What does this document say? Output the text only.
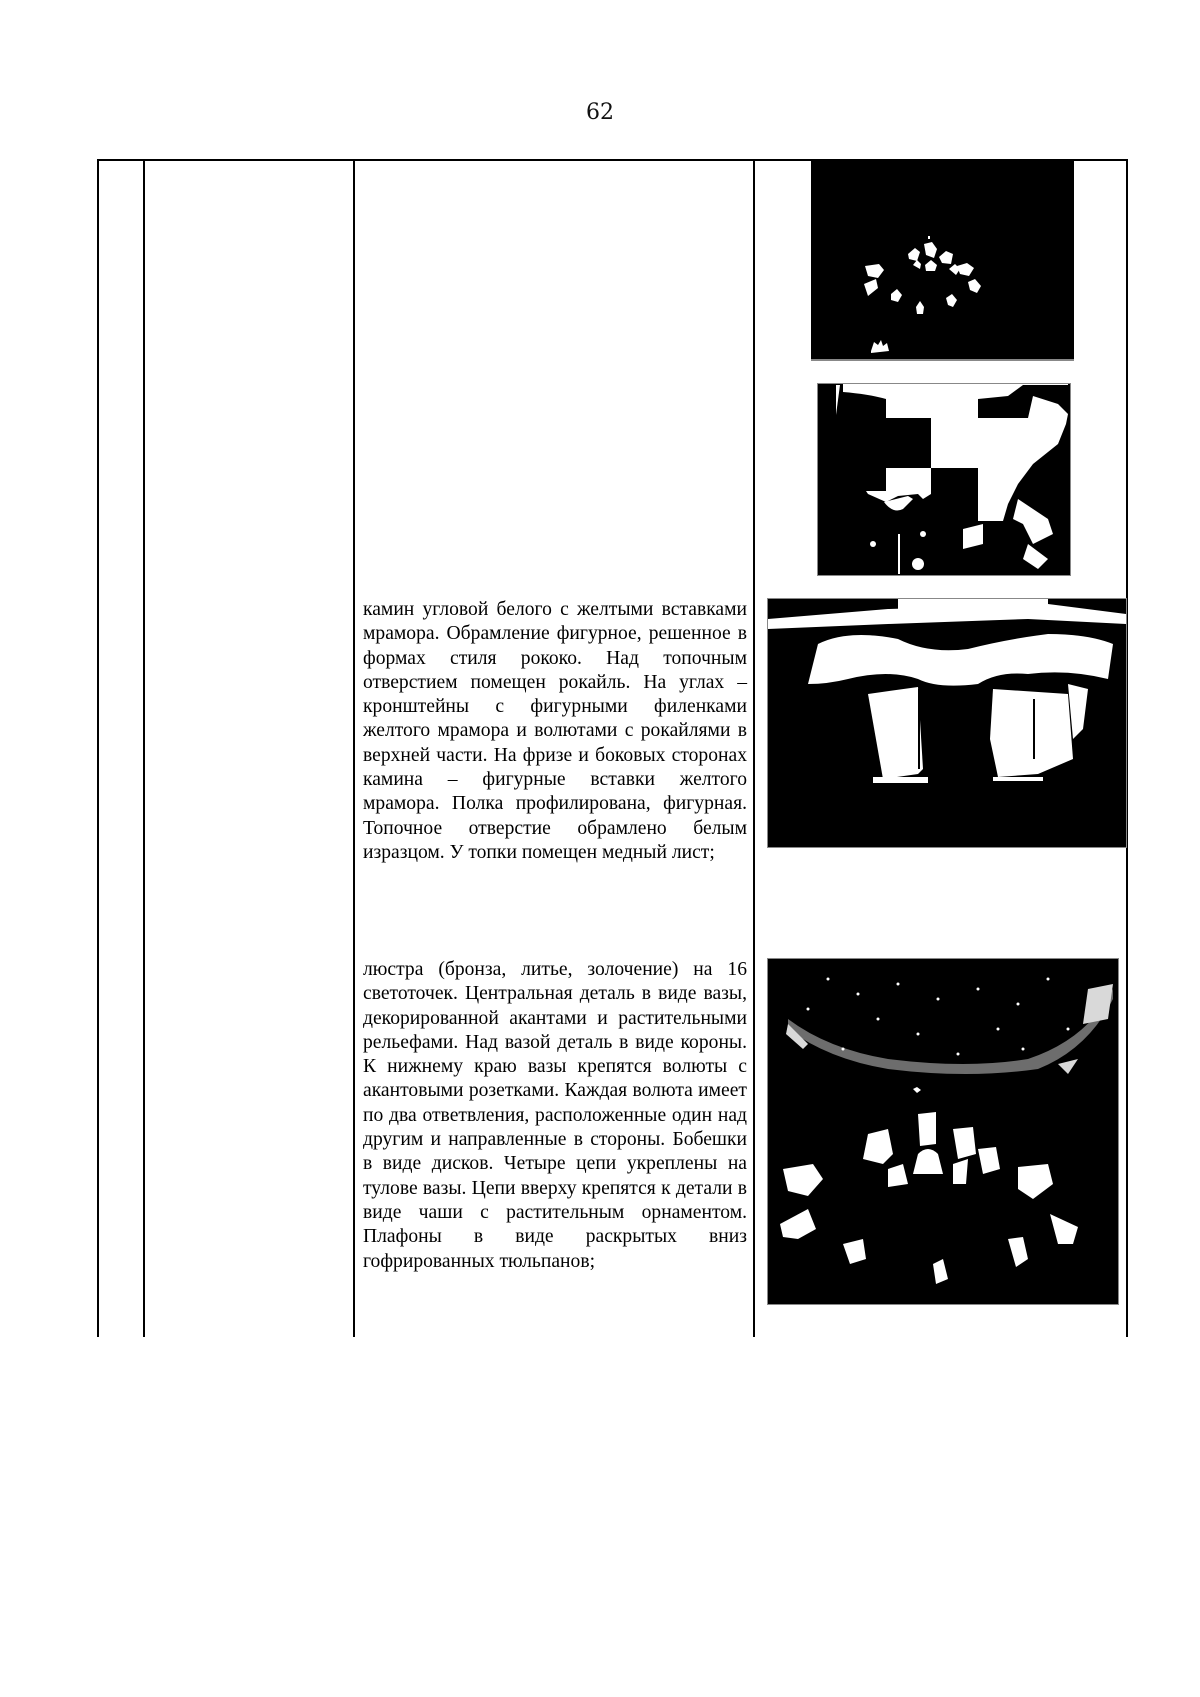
62

камин угловой белого с желтыми вставками мрамора. Обрамление фигурное, решенное в формах стиля рококо. Над топочным отверстием помещен рокайль. На углах – кронштейны с фигурными филенками желтого мрамора и волютами с рокайлями в верхней части. На фризе и боковых сторонах камина – фигурные вставки желтого мрамора. Полка профилирована, фигурная. Топочное отверстие обрамлено белым изразцом. У топки помещен медный лист;
люстра (бронза, литье, золочение) на 16 светоточек. Центральная деталь в виде вазы, декорированной акантами и растительными рельефами. Над вазой деталь в виде короны. К нижнему краю вазы крепятся волюты с акантовыми розетками. Каждая волюта имеет по два ответвления, расположенные один над другим и направленные в стороны. Бобешки в виде дисков. Четыре цепи укреплены на тулове вазы. Цепи вверху крепятся к детали в виде чаши с растительным орнаментом. Плафоны в виде раскрытых вниз гофрированных тюльпанов;
